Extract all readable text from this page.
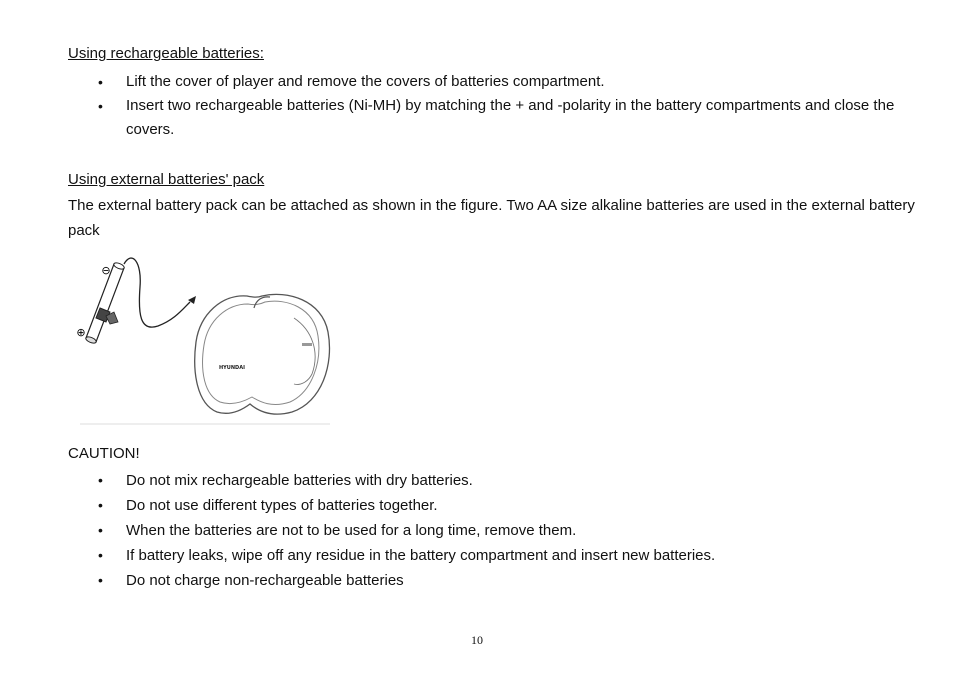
Using rechargeable batteries:
• Lift the cover of player and remove the covers of batteries compartment.
• Insert two rechargeable batteries (Ni-MH) by matching the + and -polarity in the battery compartments and close the covers.
Using external batteries' pack

The external battery pack can be attached as shown in the figure. Two AA size alkaline batteries are used in the external battery pack

⊖
⊕
HYUNDAI
CAUTION!
• Do not mix rechargeable batteries with dry batteries.
• Do not use different types of batteries together.
• When the batteries are not to be used for a long time, remove them.
• If battery leaks, wipe off any residue in the battery compartment and insert new batteries.
• Do not charge non-rechargeable batteries
10
